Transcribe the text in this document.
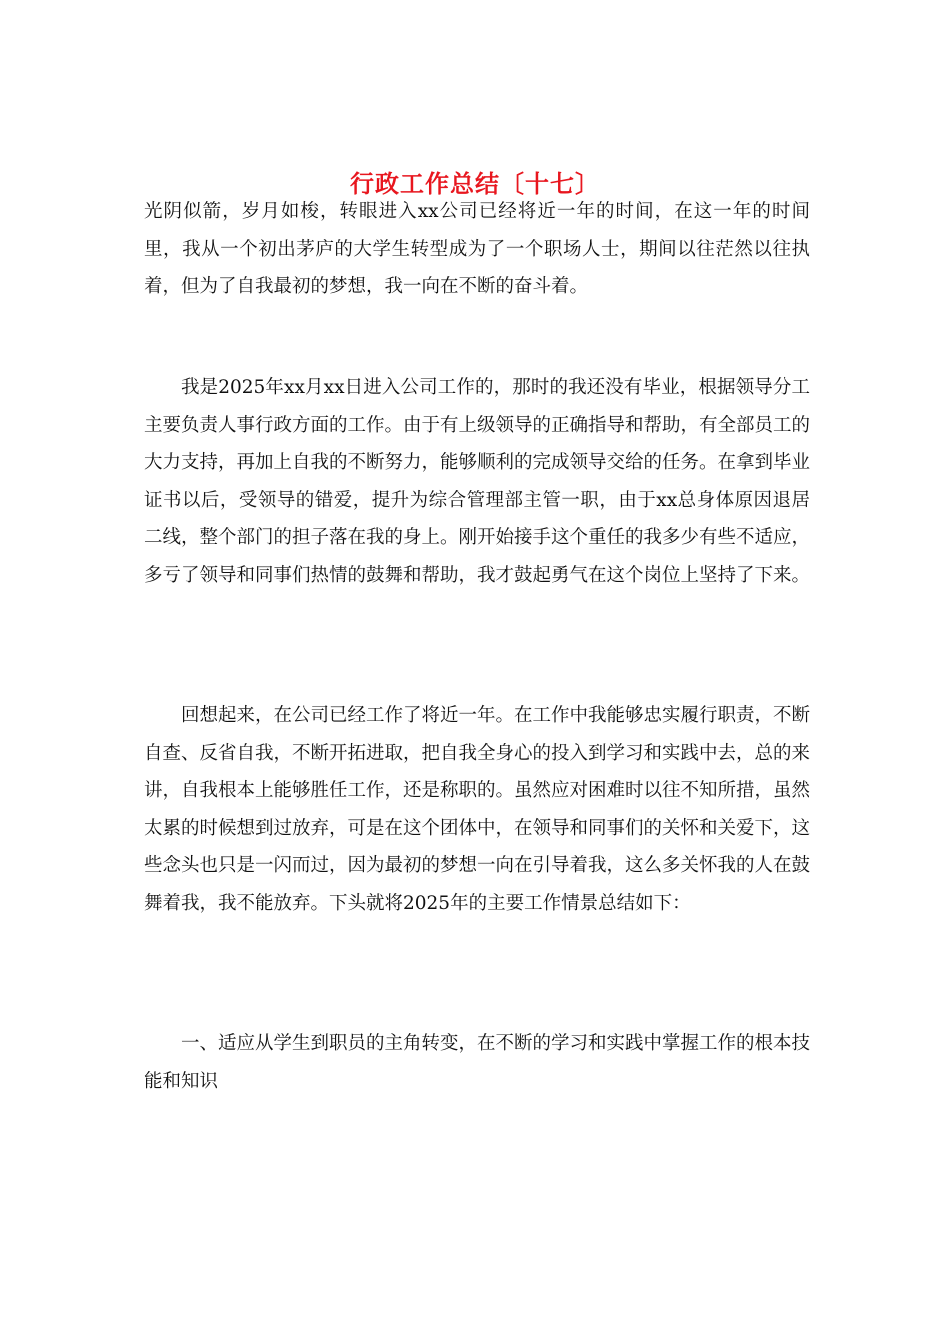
行政工作总结〔十七〕

光阴似箭，岁月如梭，转眼进入xx公司已经将近一年的时间，在这一年的时间里，我从一个初出茅庐的大学生转型成为了一个职场人士，期间以往茫然以往执着，但为了自我最初的梦想，我一向在不断的奋斗着。

我是2025年xx月xx日进入公司工作的，那时的我还没有毕业，根据领导分工主要负责人事行政方面的工作。由于有上级领导的正确指导和帮助，有全部员工的大力支持，再加上自我的不断努力，能够顺利的完成领导交给的任务。在拿到毕业证书以后，受领导的错爱，提升为综合管理部主管一职，由于xx总身体原因退居二线，整个部门的担子落在我的身上。刚开始接手这个重任的我多少有些不适应，多亏了领导和同事们热情的鼓舞和帮助，我才鼓起勇气在这个岗位上坚持了下来。

回想起来，在公司已经工作了将近一年。在工作中我能够忠实履行职责，不断自查、反省自我，不断开拓进取，把自我全身心的投入到学习和实践中去，总的来讲，自我根本上能够胜任工作，还是称职的。虽然应对困难时以往不知所措，虽然太累的时候想到过放弃，可是在这个团体中，在领导和同事们的关怀和关爱下，这些念头也只是一闪而过，因为最初的梦想一向在引导着我，这么多关怀我的人在鼓舞着我，我不能放弃。下头就将2025年的主要工作情景总结如下：

一、适应从学生到职员的主角转变，在不断的学习和实践中掌握工作的根本技能和知识
